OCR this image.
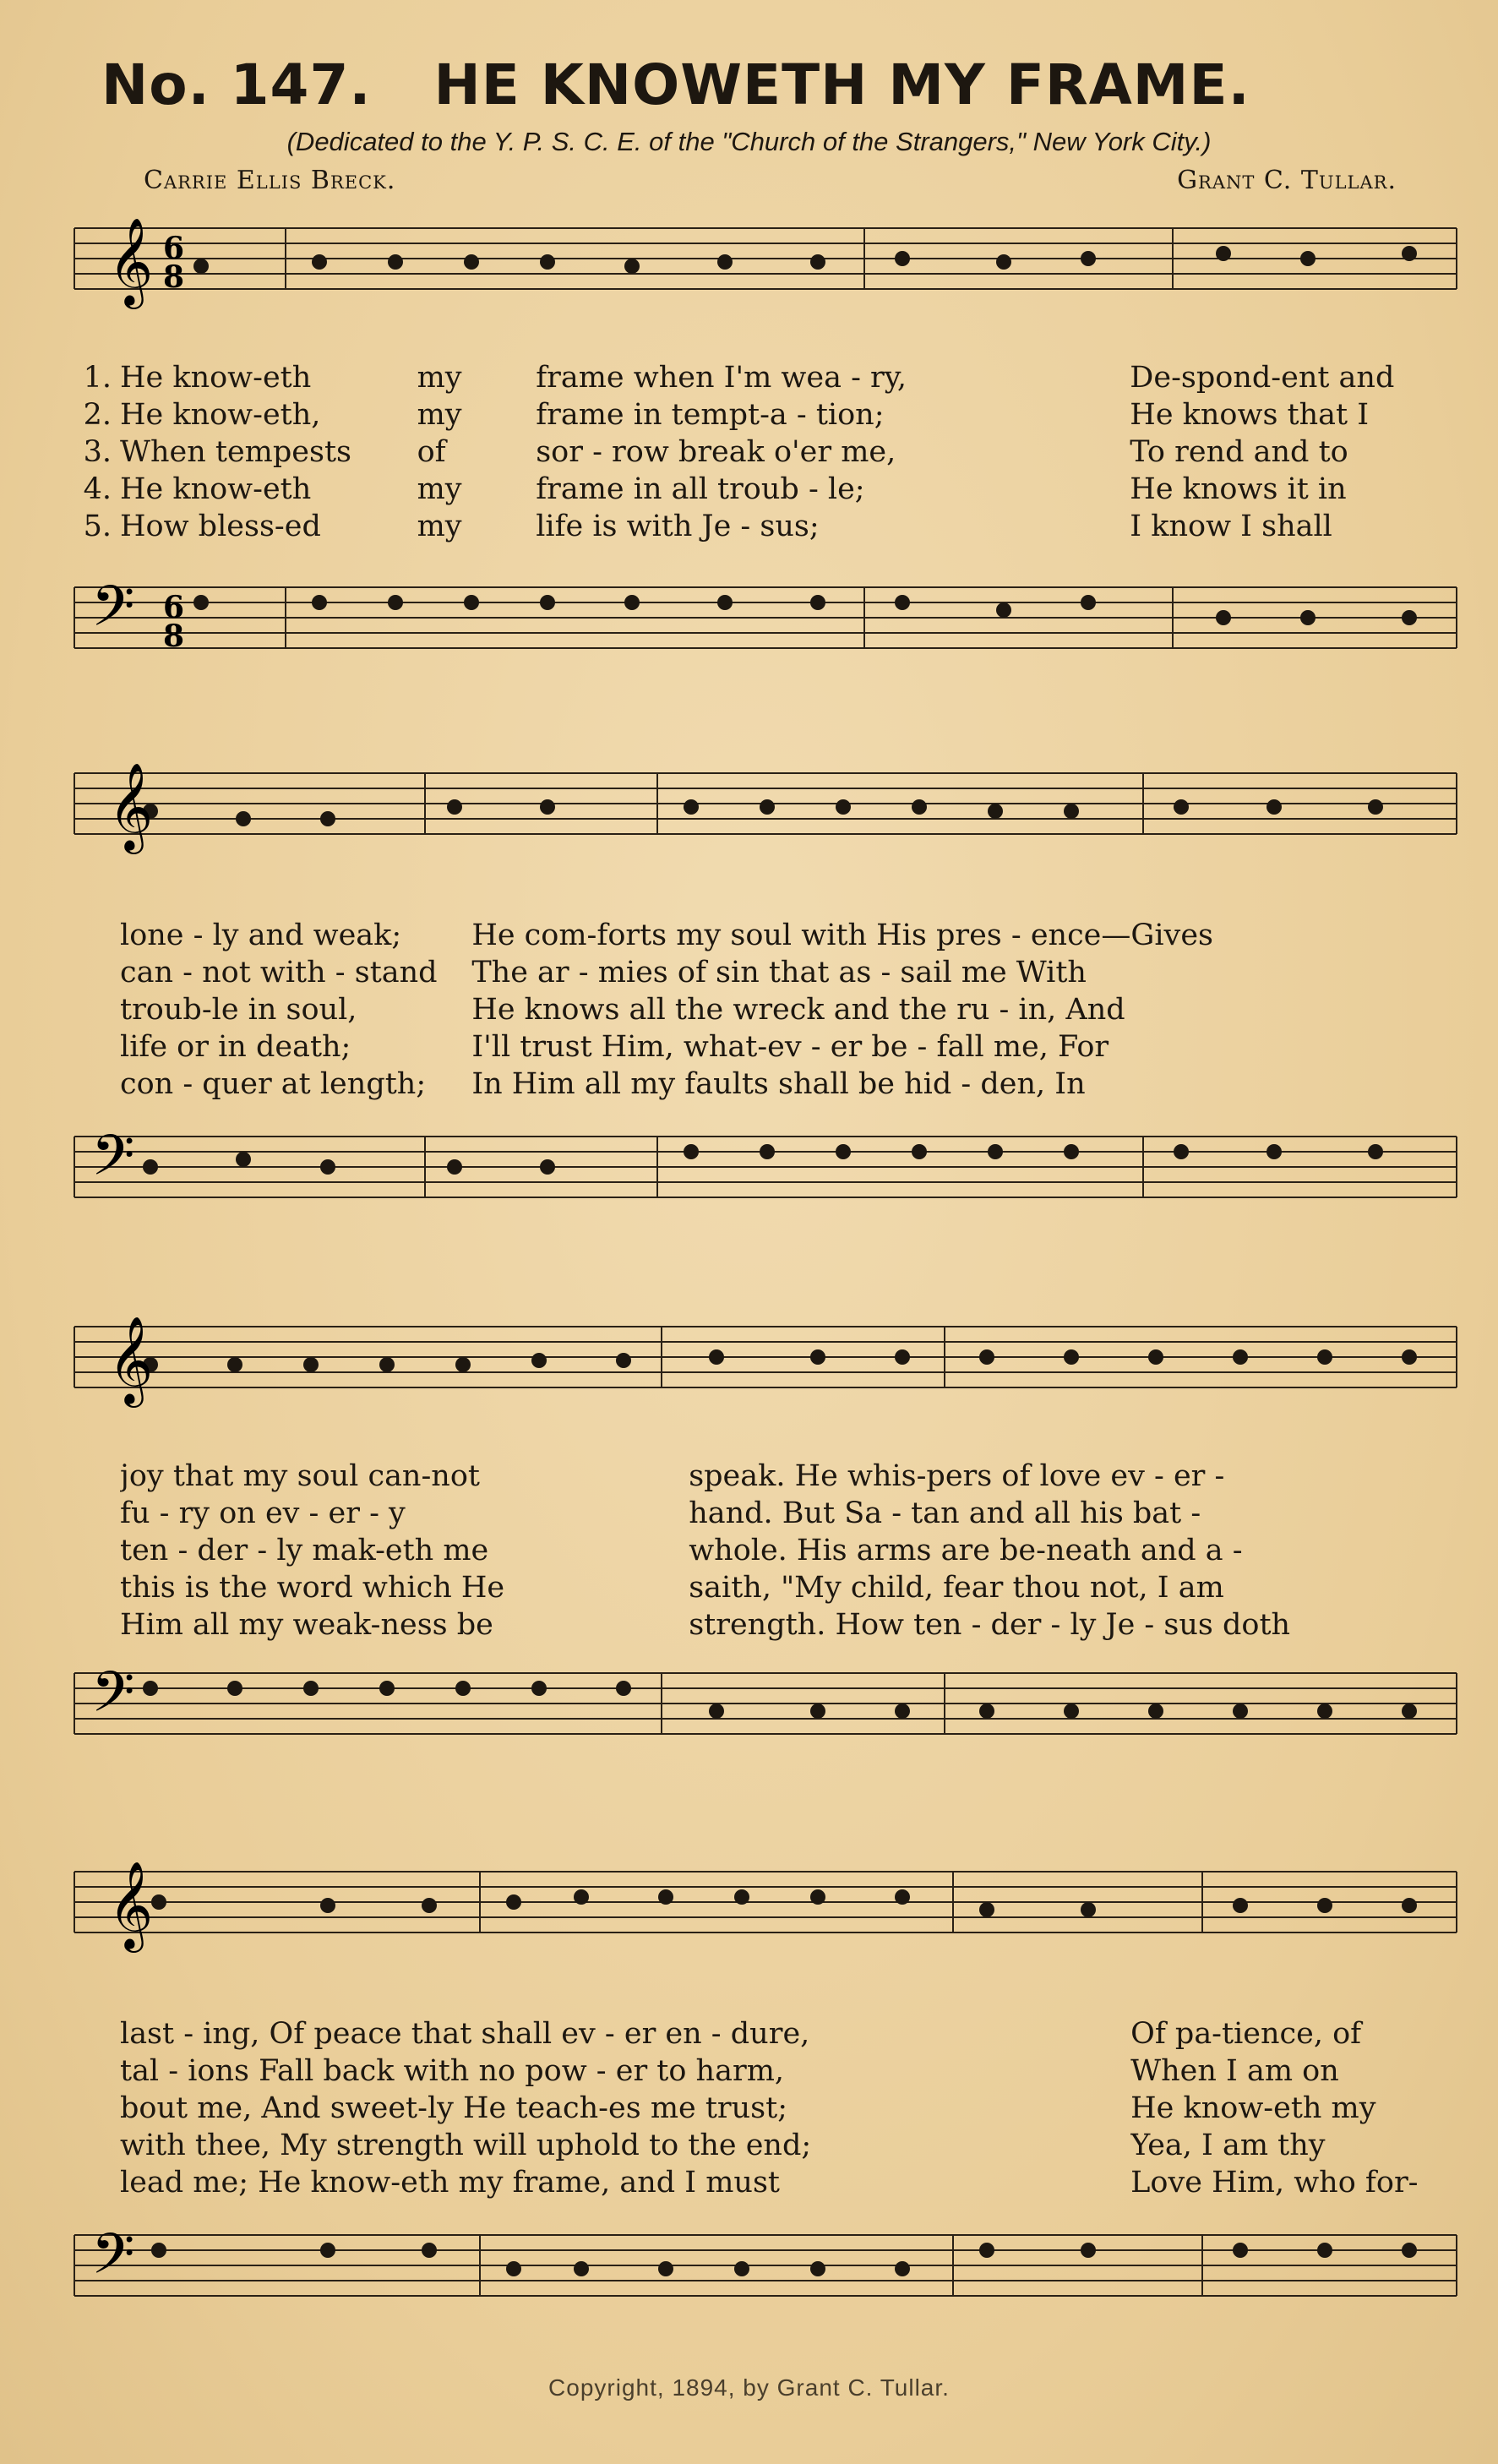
No. 147. HE KNOWETH MY FRAME.
(Dedicated to the Y. P. S. C. E. of the "Church of the Strangers," New York City.)
Carrie Ellis Breck.	Grant C. Tullar.
𝄞 6
8
1. He know-eth	my	frame when I'm wea - ry,	De-spond-ent and
2. He know-eth,	my	frame in tempt-a - tion;	He knows that I
3. When tempests	of	sor - row break o'er me,	To rend and to
4. He know-eth	my	frame in all troub - le;	He knows it in
5. How bless-ed	my	life is with Je - sus;	I know I shall
𝄢 6
8
𝄞
lone - ly and weak;	He com-forts my soul with His pres - ence—Gives
can - not with - stand	The ar - mies of sin that as - sail me With
troub-le in soul,	He knows all the wreck and the ru - in, And
life or in death;	I'll trust Him, what-ev - er be - fall me, For
con - quer at length;	In Him all my faults shall be hid - den, In
𝄢
𝄞
joy that my soul can-not	speak. He whis-pers of love ev - er -
fu - ry on ev - er - y	hand. But Sa - tan and all his bat -
ten - der - ly mak-eth me	whole. His arms are be-neath and a -
this is the word which He	saith, "My child, fear thou not, I am
Him all my weak-ness be	strength. How ten - der - ly Je - sus doth
𝄢
𝄞
last - ing, Of peace that shall ev - er en - dure,	Of pa-tience, of
tal - ions Fall back with no pow - er to harm,	When I am on
bout me, And sweet-ly He teach-es me trust;	He know-eth my
with thee, My strength will uphold to the end;	Yea, I am thy
lead me; He know-eth my frame, and I must	Love Him, who for-
𝄢
Copyright, 1894, by Grant C. Tullar.
